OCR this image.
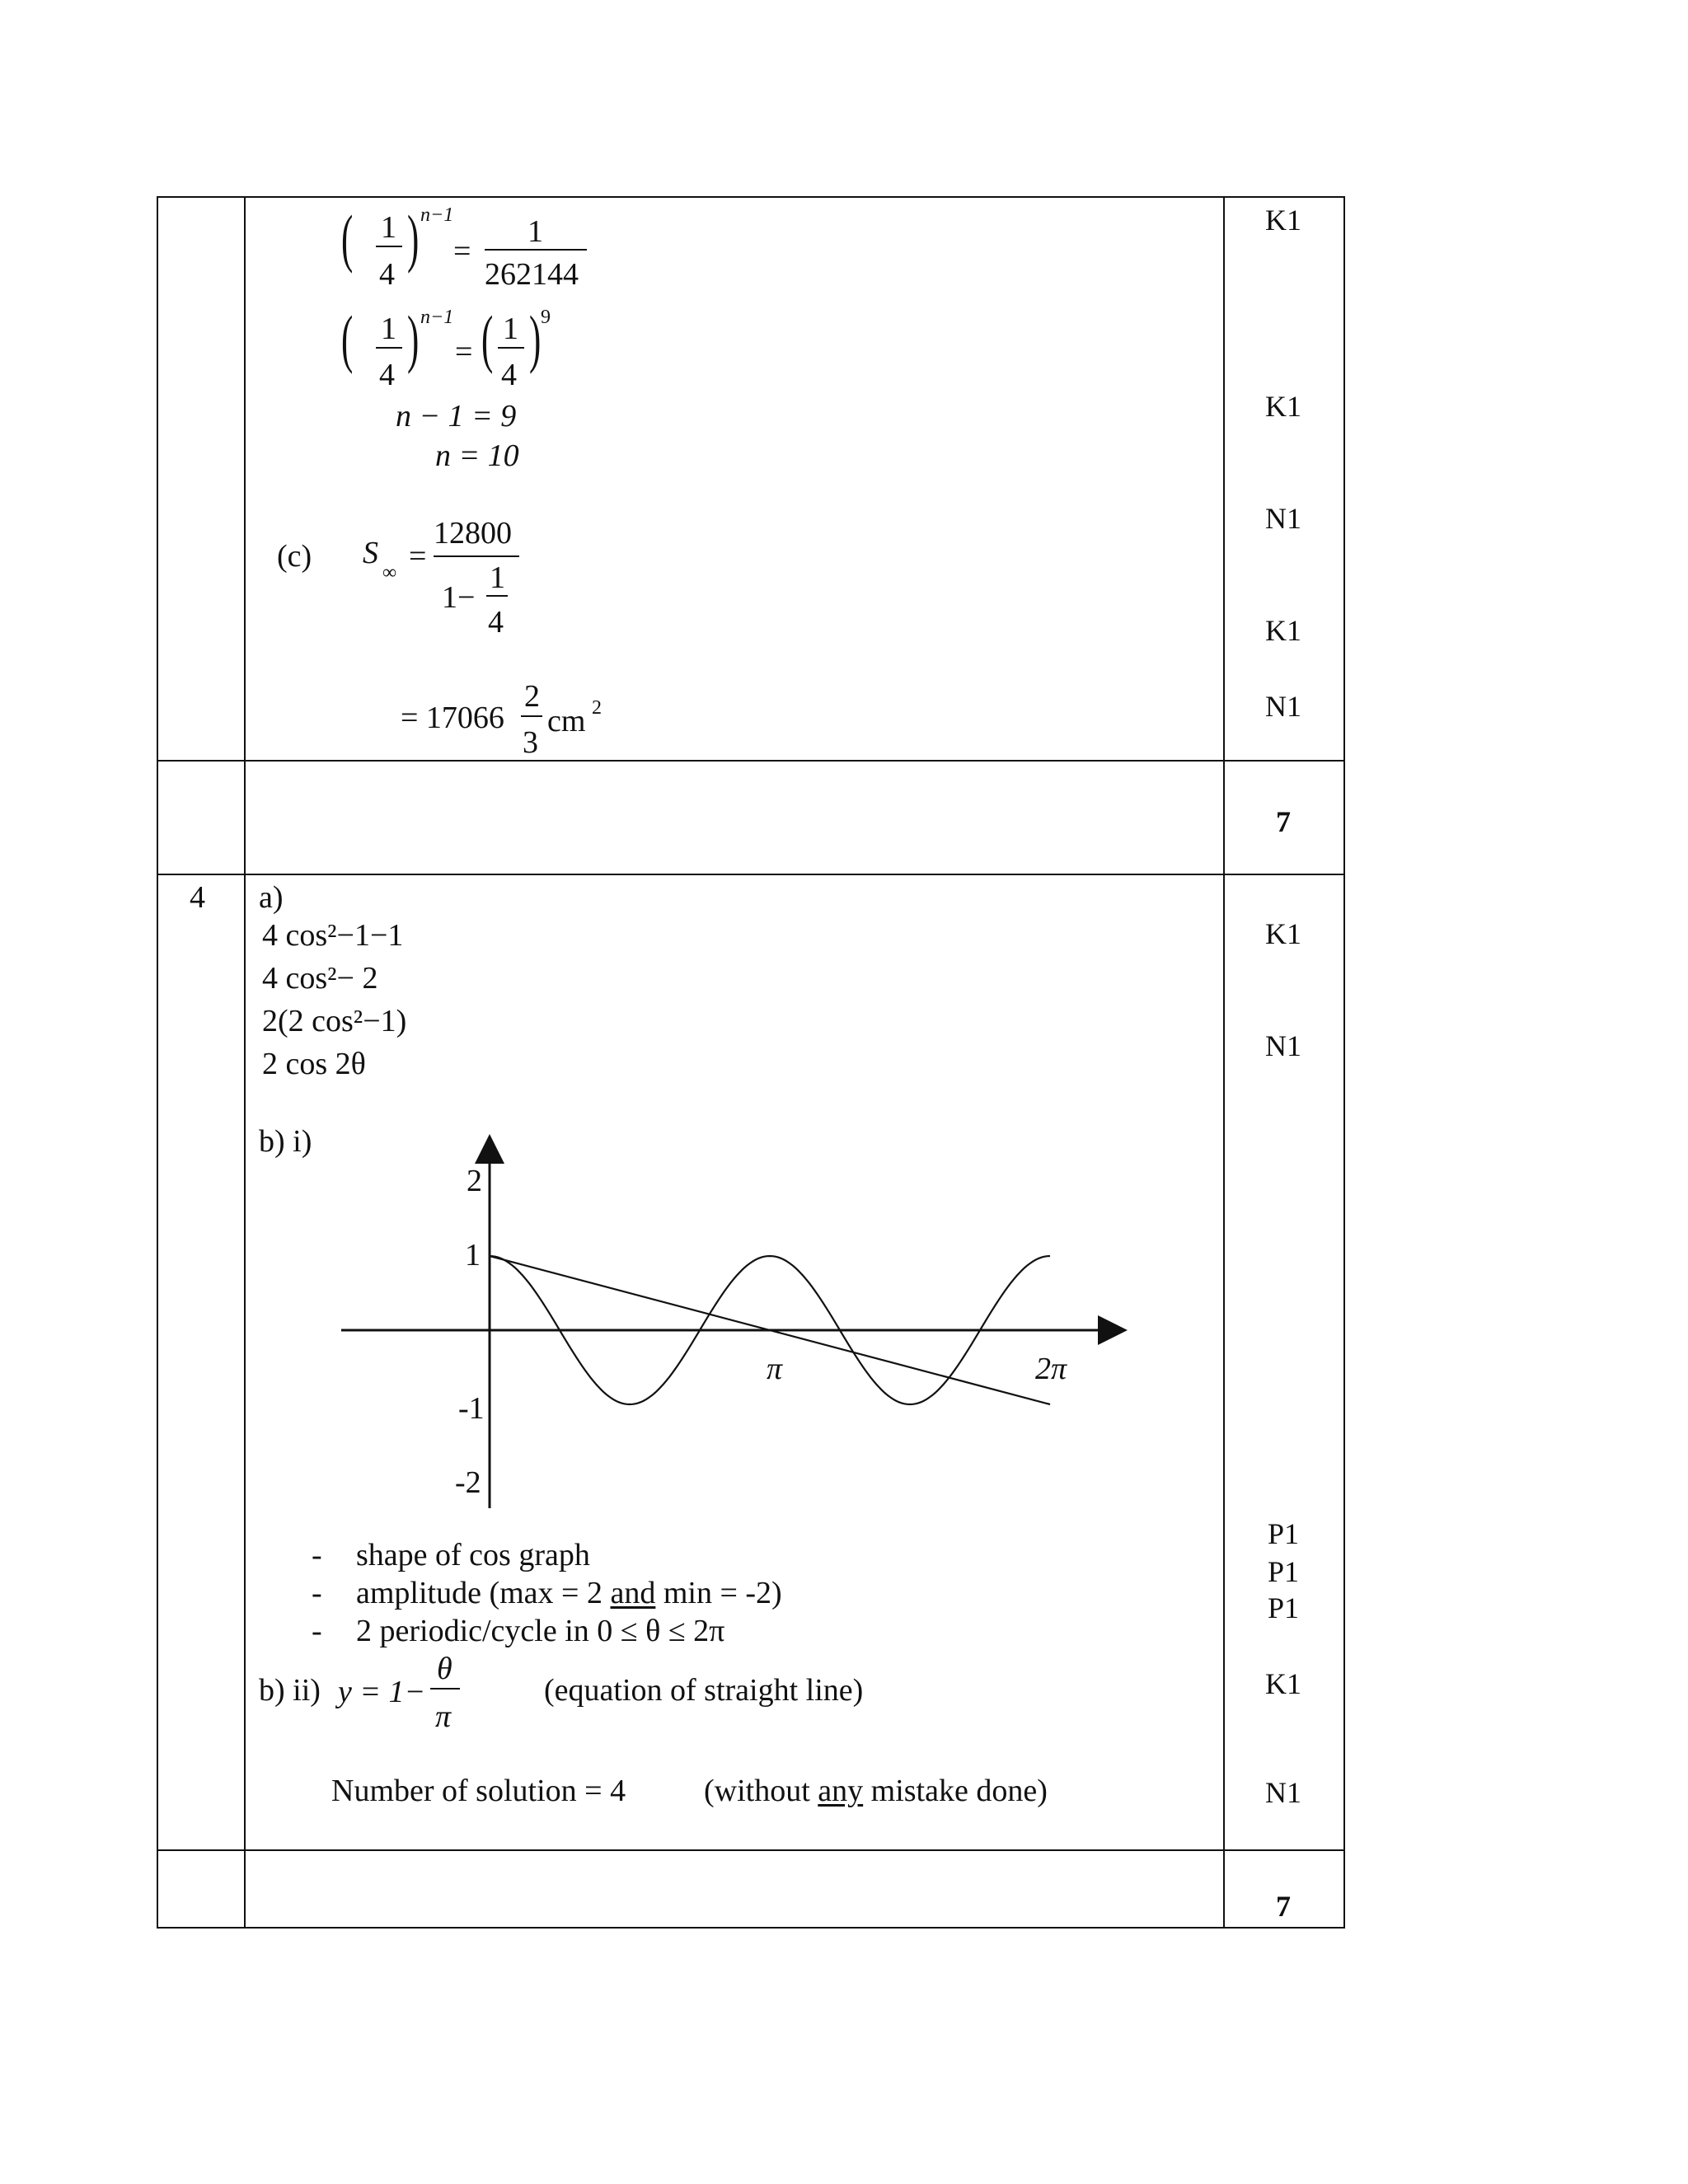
( 1
4
) n−1
=
1
262144
( 1
4
) n−1
= ( 1
4
) 9
n − 1 = 9
n = 10
(c) S
∞ =
12800
1−
1
4
= 17066
2
3
cm 2
4 a)
4 cos²−1−1
4 cos²− 2
2(2 cos²−1)
2 cos 2θ
b) i)
2
1
-1
-2
π	2π
- shape of cos graph
- amplitude (max = 2 and min = -2)
- 2 periodic/cycle in 0 ≤ θ ≤ 2π
b) ii) y = 1−
θ
π
(equation of straight line)
Number of solution = 4 (without any mistake done)
K1
K1
N1
K1
N1
7
K1
N1
P1
P1
P1
K1
N1
7
